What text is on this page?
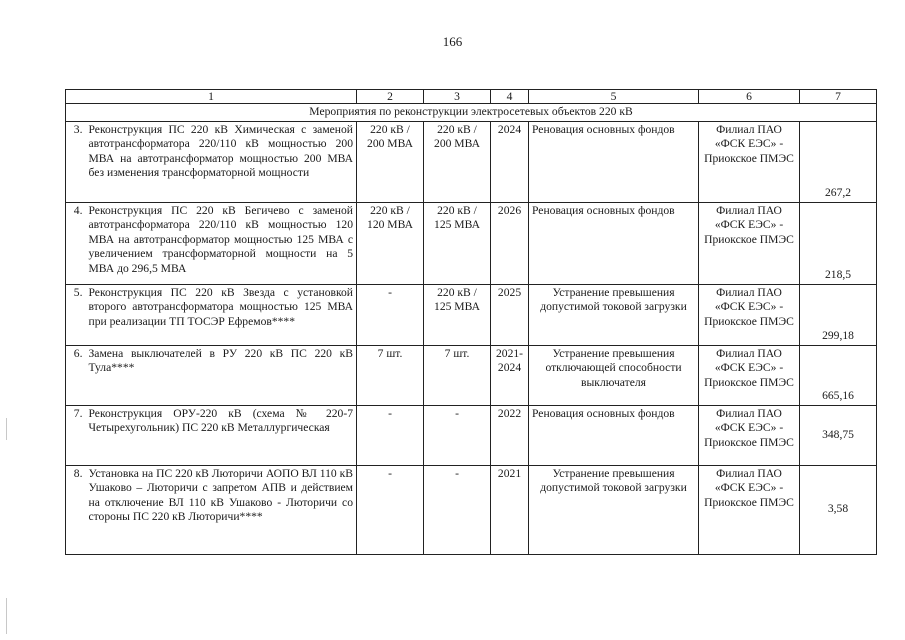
166
1		2	3	4	5	6	7
Мероприятия по реконструкции электросетевых объектов 220 кВ							
3.	Реконструкция ПС 220 кВ Химическая с заменой автотрансформатора 220/110 кВ мощностью 200 МВА на автотрансформатор мощностью 200 МВА без изменения трансформаторной мощности	220 кВ / 200 МВА	220 кВ / 200 МВА	2024	Реновация основных фондов	Филиал ПАО «ФСК ЕЭС» - Приокское ПМЭС	267,2
4.	Реконструкция ПС 220 кВ Бегичево с заменой автотрансформатора 220/110 кВ мощностью 120 МВА на автотрансформатор мощностью 125 МВА с увеличением трансформаторной мощности на 5 МВА до 296,5 МВА	220 кВ / 120 МВА	220 кВ / 125 МВА	2026	Реновация основных фондов	Филиал ПАО «ФСК ЕЭС» - Приокское ПМЭС	218,5
5.	Реконструкция ПС 220 кВ Звезда с установкой второго автотрансформатора мощностью 125 МВА при реализации ТП ТОСЭР Ефремов****	-	220 кВ / 125 МВА	2025	Устранение превышения допустимой токовой загрузки	Филиал ПАО «ФСК ЕЭС» - Приокское ПМЭС	299,18
6.	Замена выключателей в РУ 220 кВ ПС 220 кВ Тула****	7 шт.	7 шт.	2021-2024	Устранение превышения отключающей способности выключателя	Филиал ПАО «ФСК ЕЭС» - Приокское ПМЭС	665,16
7.	Реконструкция ОРУ-220 кВ (схема № 220-7 Четырехугольник) ПС 220 кВ Металлургическая	-	-	2022	Реновация основных фондов	Филиал ПАО «ФСК ЕЭС» - Приокское ПМЭС	348,75
8.	Установка на ПС 220 кВ Люторичи АОПО ВЛ 110 кВ Ушаково – Люторичи с запретом АПВ и действием на отключение ВЛ 110 кВ Ушаково - Люторичи со стороны ПС 220 кВ Люторичи****	-	-	2021	Устранение превышения допустимой токовой загрузки	Филиал ПАО «ФСК ЕЭС» - Приокское ПМЭС	3,58
